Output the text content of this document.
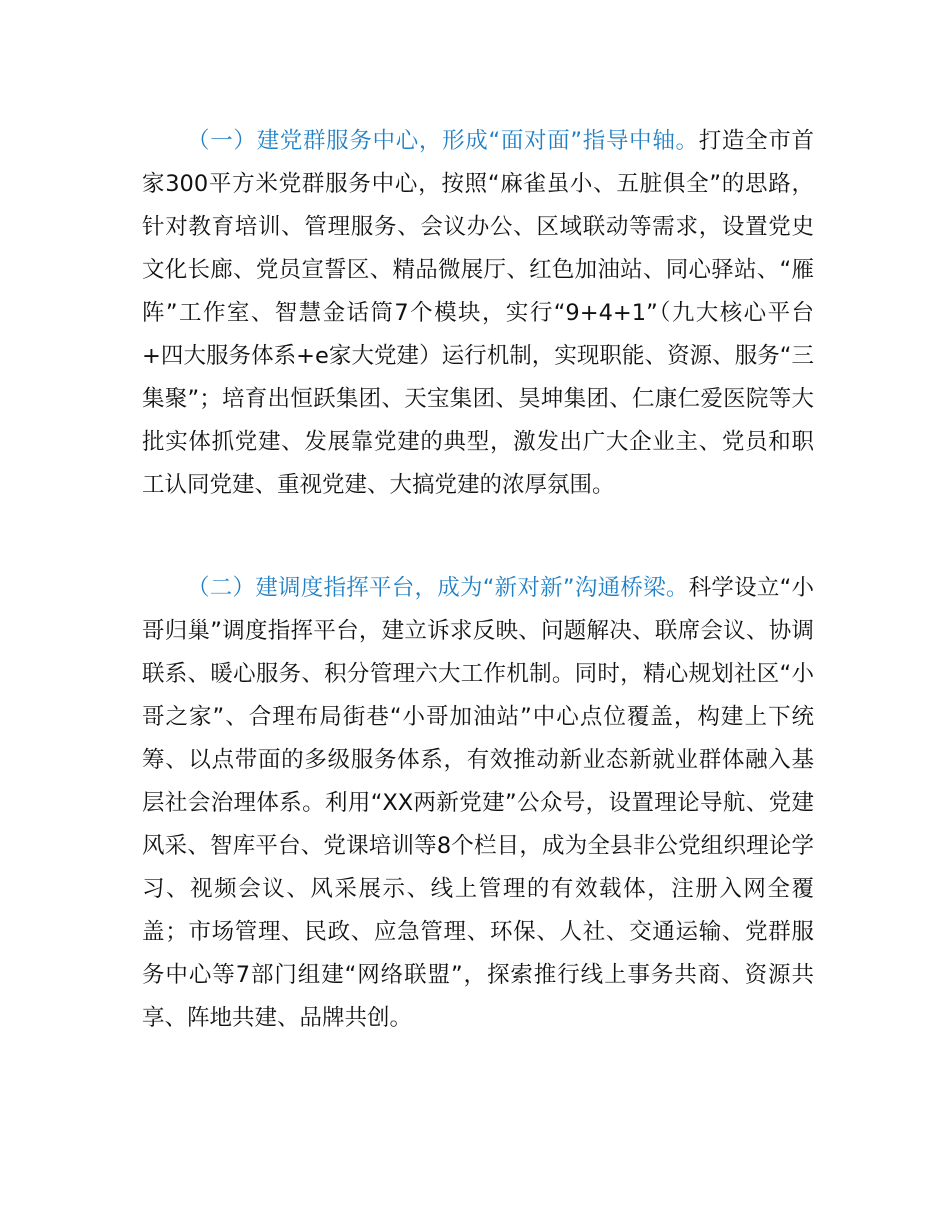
（一）建党群服务中心，形成“面对面”指导中轴。打造全市首家300平方米党群服务中心，按照“麻雀虽小、五脏俱全”的思路，针对教育培训、管理服务、会议办公、区域联动等需求，设置党史文化长廊、党员宣誓区、精品微展厅、红色加油站、同心驿站、“雁阵”工作室、智慧金话筒7个模块，实行“9+4+1”（九大核心平台+四大服务体系+e家大党建）运行机制，实现职能、资源、服务“三集聚”；培育出恒跃集团、天宝集团、昊坤集团、仁康仁爱医院等大批实体抓党建、发展靠党建的典型，激发出广大企业主、党员和职工认同党建、重视党建、大搞党建的浓厚氛围。

（二）建调度指挥平台，成为“新对新”沟通桥梁。科学设立“小哥归巢”调度指挥平台，建立诉求反映、问题解决、联席会议、协调联系、暖心服务、积分管理六大工作机制。同时，精心规划社区“小哥之家”、合理布局街巷“小哥加油站”中心点位覆盖，构建上下统筹、以点带面的多级服务体系，有效推动新业态新就业群体融入基层社会治理体系。利用“XX两新党建”公众号，设置理论导航、党建风采、智库平台、党课培训等8个栏目，成为全县非公党组织理论学习、视频会议、风采展示、线上管理的有效载体，注册入网全覆盖；市场管理、民政、应急管理、环保、人社、交通运输、党群服务中心等7部门组建“网络联盟”，探索推行线上事务共商、资源共享、阵地共建、品牌共创。
